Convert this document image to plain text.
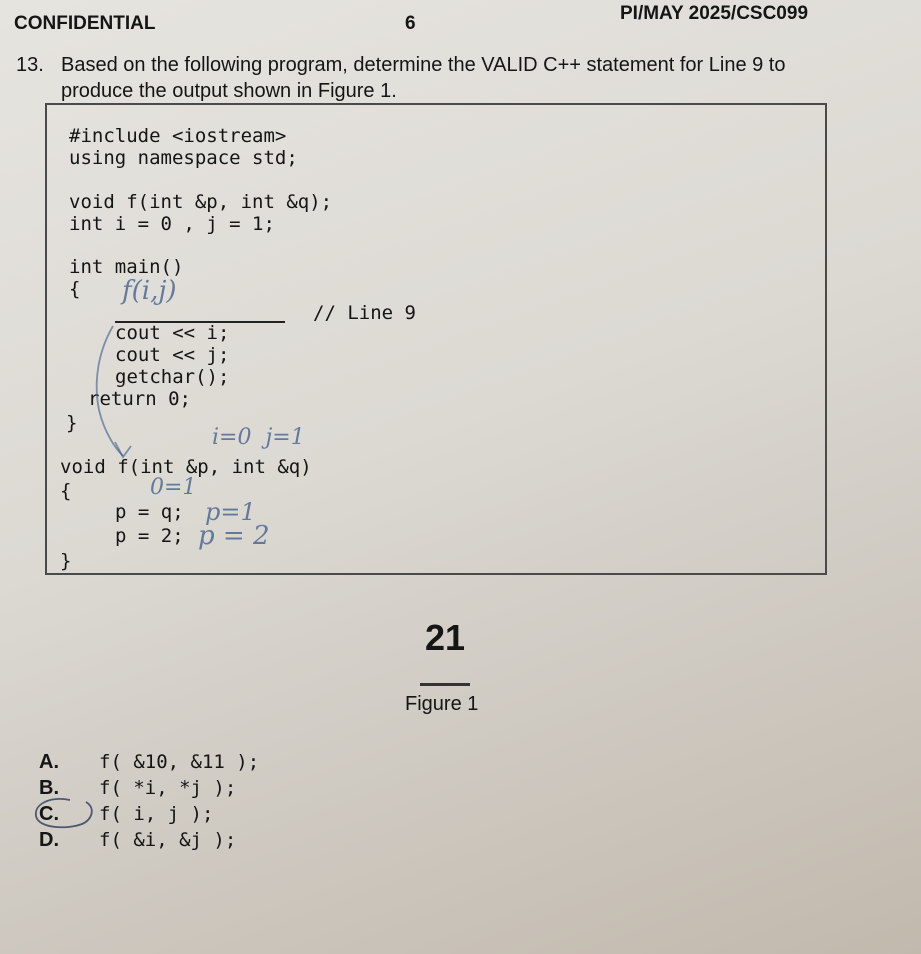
CONFIDENTIAL	6	PI/MAY 2025/CSC099
13. Based on the following program, determine the VALID C++ statement for Line 9 to
produce the output shown in Figure 1.
#include <iostream>
using namespace std;
void f(int &p, int &q);
int i = 0 , j = 1;
int main()
{
// Line 9
cout << i;
cout << j;
getchar();
return 0;
}
void f(int &p, int &q)
{
p = q;
p = 2;
}
f(i,j)
i=0  j=1
0=1
p=1
p = 2
21
Figure 1
A. f( &10, &11 );
B. f( *i, *j );
C. f( i, j );
D. f( &i, &j );
